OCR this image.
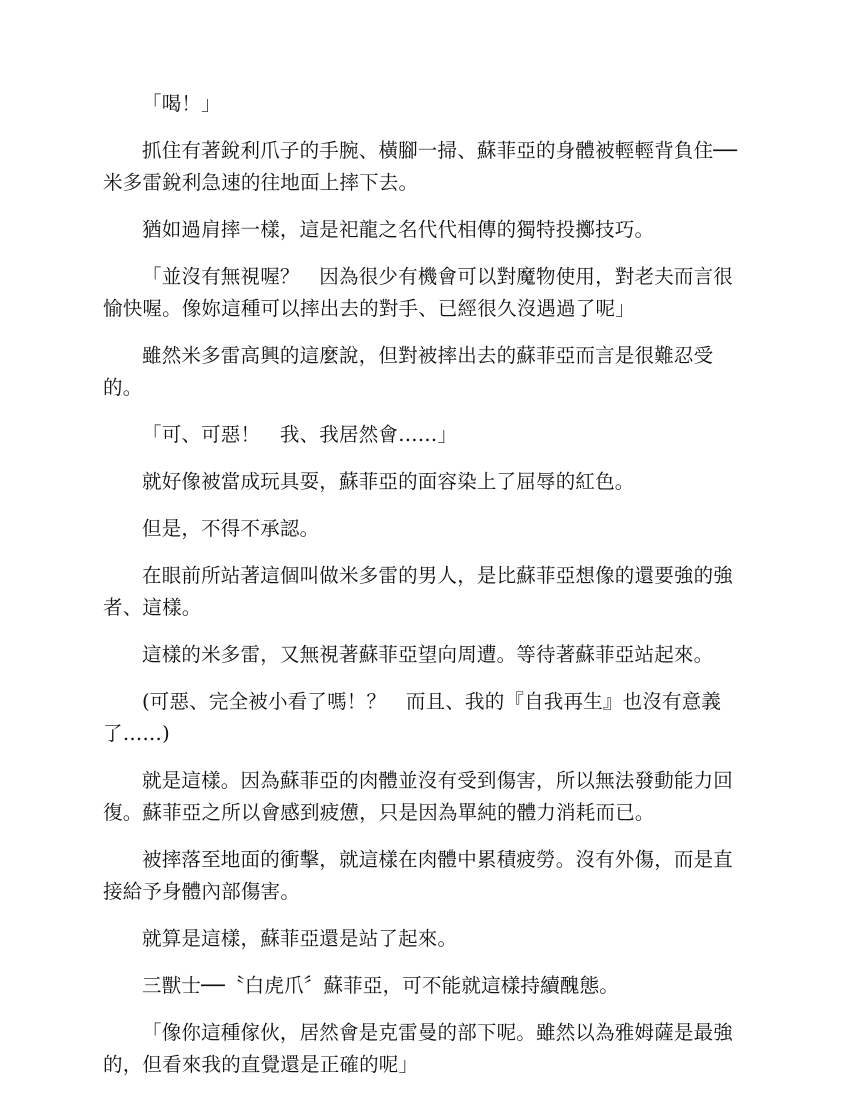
「喝！」

抓住有著銳利爪子的手腕、橫腳一掃、蘇菲亞的身體被輕輕背負住──米多雷銳利急速的往地面上摔下去。

猶如過肩摔一樣，這是祀龍之名代代相傳的獨特投擲技巧。

「並沒有無視喔？　因為很少有機會可以對魔物使用，對老夫而言很愉快喔。像妳這種可以摔出去的對手、已經很久沒遇過了呢」

雖然米多雷高興的這麼說，但對被摔出去的蘇菲亞而言是很難忍受的。

「可、可惡！　我、我居然會……」

就好像被當成玩具耍，蘇菲亞的面容染上了屈辱的紅色。

但是，不得不承認。

在眼前所站著這個叫做米多雷的男人，是比蘇菲亞想像的還要強的強者、這樣。

這樣的米多雷，又無視著蘇菲亞望向周遭。等待著蘇菲亞站起來。

(可惡、完全被小看了嗎！？　而且、我的『自我再生』也沒有意義了……)

就是這樣。因為蘇菲亞的肉體並沒有受到傷害，所以無法發動能力回復。蘇菲亞之所以會感到疲憊，只是因為單純的體力消耗而已。

被摔落至地面的衝擊，就這樣在肉體中累積疲勞。沒有外傷，而是直接給予身體內部傷害。

就算是這樣，蘇菲亞還是站了起來。

三獸士──〝白虎爪〞蘇菲亞，可不能就這樣持續醜態。

「像你這種傢伙，居然會是克雷曼的部下呢。雖然以為雅姆薩是最強的，但看來我的直覺還是正確的呢」
